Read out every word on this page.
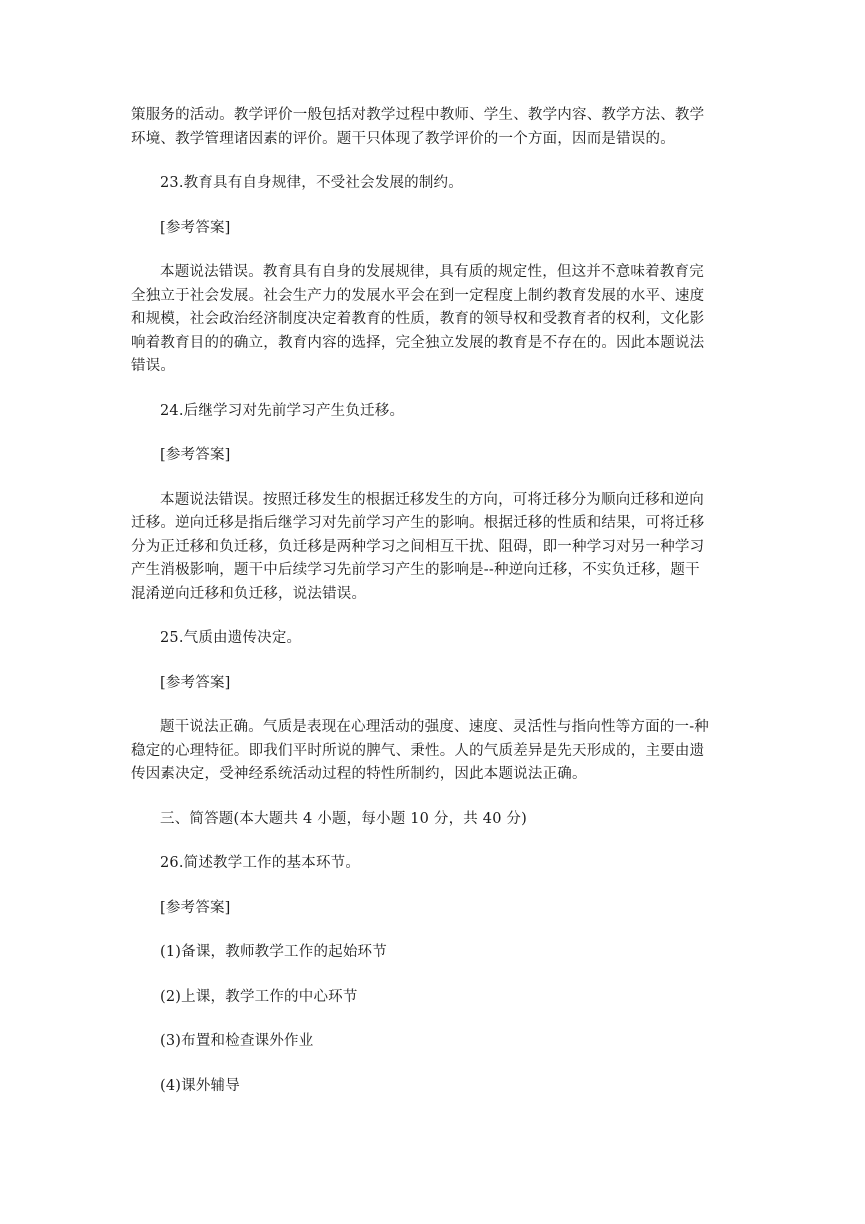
策服务的活动。教学评价一般包括对教学过程中教师、学生、教学内容、教学方法、教学
环境、教学管理诸因素的评价。题干只体现了教学评价的一个方面，因而是错误的。
23.教育具有自身规律，不受社会发展的制约。
[参考答案]
本题说法错误。教育具有自身的发展规律，具有质的规定性，但这并不意味着教育完
全独立于社会发展。社会生产力的发展水平会在到一定程度上制约教育发展的水平、速度
和规模，社会政治经济制度决定着教育的性质，教育的领导权和受教育者的权利，文化影
响着教育目的的确立，教育内容的选择，完全独立发展的教育是不存在的。因此本题说法
错误。
24.后继学习对先前学习产生负迁移。
[参考答案]
本题说法错误。按照迁移发生的根据迁移发生的方向，可将迁移分为顺向迁移和逆向
迁移。逆向迁移是指后继学习对先前学习产生的影响。根据迁移的性质和结果，可将迁移
分为正迁移和负迁移，负迁移是两种学习之间相互干扰、阻碍，即一种学习对另一种学习
产生消极影响，题干中后续学习先前学习产生的影响是--种逆向迁移，不实负迁移，题干
混淆逆向迁移和负迁移，说法错误。
25.气质由遗传决定。
[参考答案]
题干说法正确。气质是表现在心理活动的强度、速度、灵活性与指向性等方面的一-种
稳定的心理特征。即我们平时所说的脾气、秉性。人的气质差异是先天形成的，主要由遗
传因素决定，受神经系统活动过程的特性所制约，因此本题说法正确。
三、简答题(本大题共 4 小题，每小题 10 分，共 40 分)
26.简述教学工作的基本环节。
[参考答案]
(1)备课，教师教学工作的起始环节
(2)上课，教学工作的中心环节
(3)布置和检查课外作业
(4)课外辅导
